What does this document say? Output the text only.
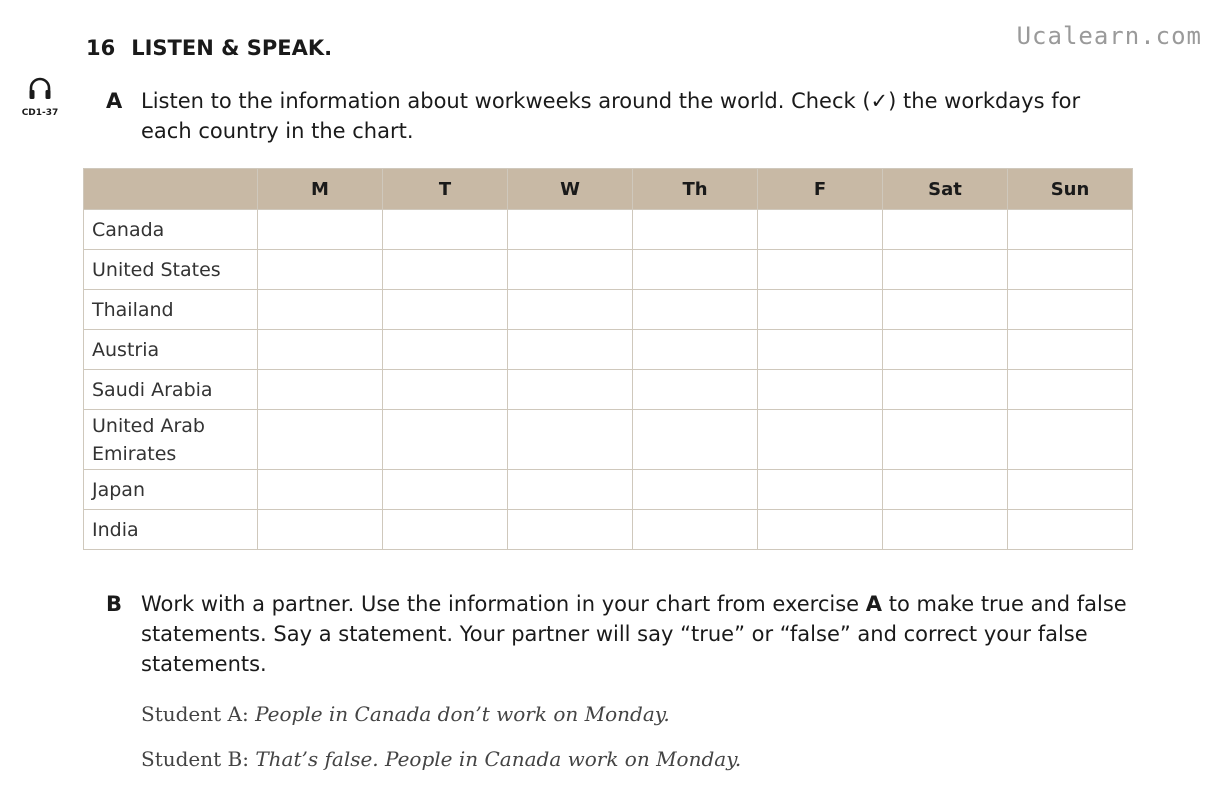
Ucalearn.com
16 LISTEN & SPEAK.
CD1-37 A Listen to the information about workweeks around the world. Check (✓) the workdays for each country in the chart.
	M	T	W	Th	F	Sat	Sun
Canada							
United States							
Thailand							
Austria							
Saudi Arabia							
United Arab Emirates							
Japan							
India							
B Work with a partner. Use the information in your chart from exercise A to make true and false statements. Say a statement. Your partner will say “true” or “false” and correct your false statements.
Student A: People in Canada don’t work on Monday.
Student B: That’s false. People in Canada work on Monday.
